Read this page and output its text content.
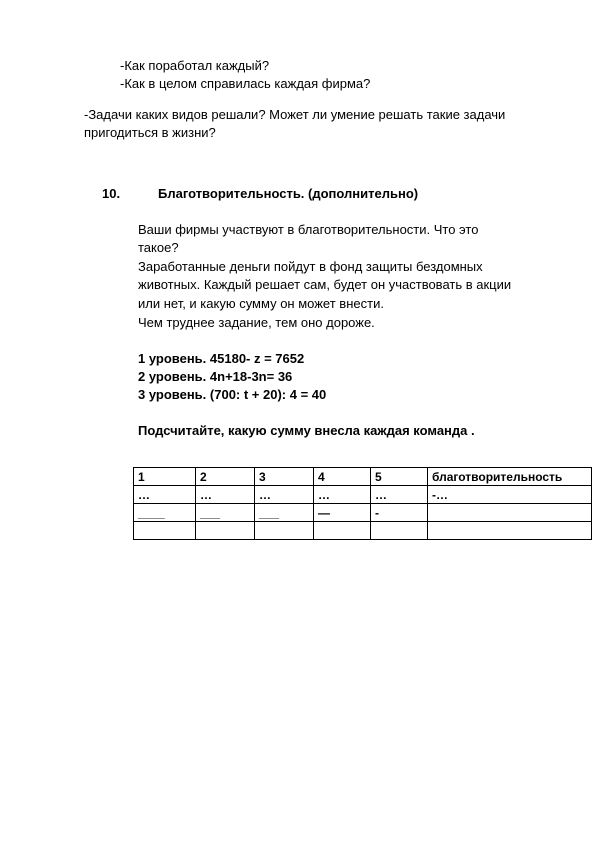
-Как поработал каждый?
-Как в целом справилась каждая фирма?
-Задачи каких видов решали? Может ли умение решать такие задачи
пригодиться в жизни?
10.	Благотворительность. (дополнительно)
Ваши фирмы участвуют в благотворительности. Что это
такое?
Заработанные деньги пойдут в фонд защиты бездомных
животных. Каждый решает сам, будет он участвовать в акции
или нет, и какую сумму он может внести.
Чем труднее задание, тем оно дороже.
1 уровень. 45180- z = 7652
2 уровень. 4n+18-3n= 36
3 уровень. (700: t + 20): 4 = 40
Подсчитайте, какую сумму внесла каждая команда .
1	2	3	4	5	благотворительность
…	…	…	…	…	-…
____	___	___	—	-	
